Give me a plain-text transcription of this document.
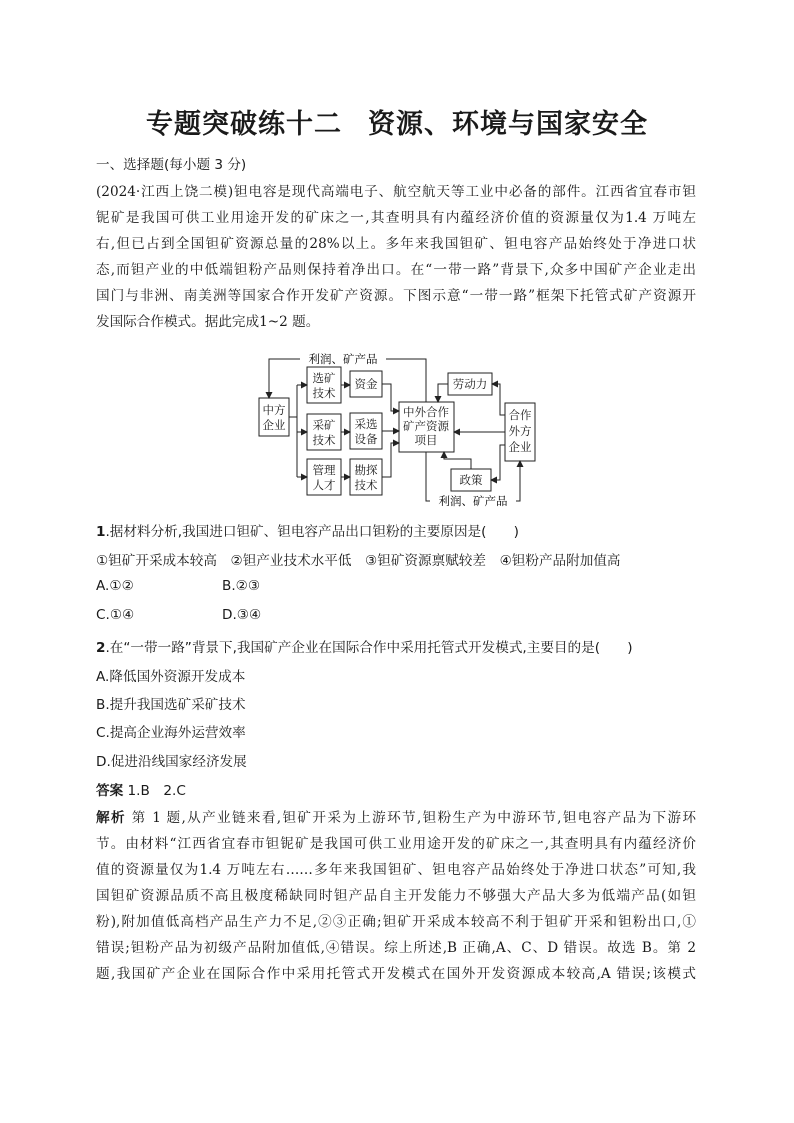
专题突破练十二 资源、环境与国家安全
一、选择题(每小题 3 分)
(2024·江西上饶二模)钽电容是现代高端电子、航空航天等工业中必备的部件。江西省宜春市钽
铌矿是我国可供工业用途开发的矿床之一,其查明具有内蕴经济价值的资源量仅为1.4 万吨左
右,但已占到全国钽矿资源总量的28%以上。多年来我国钽矿、钽电容产品始终处于净进口状
态,而钽产业的中低端钽粉产品则保持着净出口。在“一带一路”背景下,众多中国矿产企业走出
国门与非洲、南美洲等国家合作开发矿产资源。下图示意“一带一路”框架下托管式矿产资源开
发国际合作模式。据此完成1~2 题。
利润、矿产品
利润、矿产品
中方
企业
选矿
技术
采矿
技术
管理
人才
资金
采选
设备
勘探
技术
中外合作
矿产资源
项目
劳动力
政策
合作
外方
企业
1.据材料分析,我国进口钽矿、钽电容产品出口钽粉的主要原因是(　　)
①钽矿开采成本较高　②钽产业技术水平低　③钽矿资源禀赋较差　④钽粉产品附加值高
A.①②	B.②③
C.①④	D.③④
2.在“一带一路”背景下,我国矿产企业在国际合作中采用托管式开发模式,主要目的是(　　)
A.降低国外资源开发成本
B.提升我国选矿采矿技术
C.提高企业海外运营效率
D.促进沿线国家经济发展
答案 1.B　2.C
解析 第 1 题,从产业链来看,钽矿开采为上游环节,钽粉生产为中游环节,钽电容产品为下游环
节。由材料“江西省宜春市钽铌矿是我国可供工业用途开发的矿床之一,其查明具有内蕴经济价
值的资源量仅为1.4 万吨左右……多年来我国钽矿、钽电容产品始终处于净进口状态”可知,我
国钽矿资源品质不高且极度稀缺同时钽产品自主开发能力不够强大产品大多为低端产品(如钽
粉),附加值低高档产品生产力不足,②③正确;钽矿开采成本较高不利于钽矿开采和钽粉出口,①
错误;钽粉产品为初级产品附加值低,④错误。综上所述,B 正确,A、C、D 错误。故选 B。第 2
题,我国矿产企业在国际合作中采用托管式开发模式在国外开发资源成本较高,A 错误;该模式
